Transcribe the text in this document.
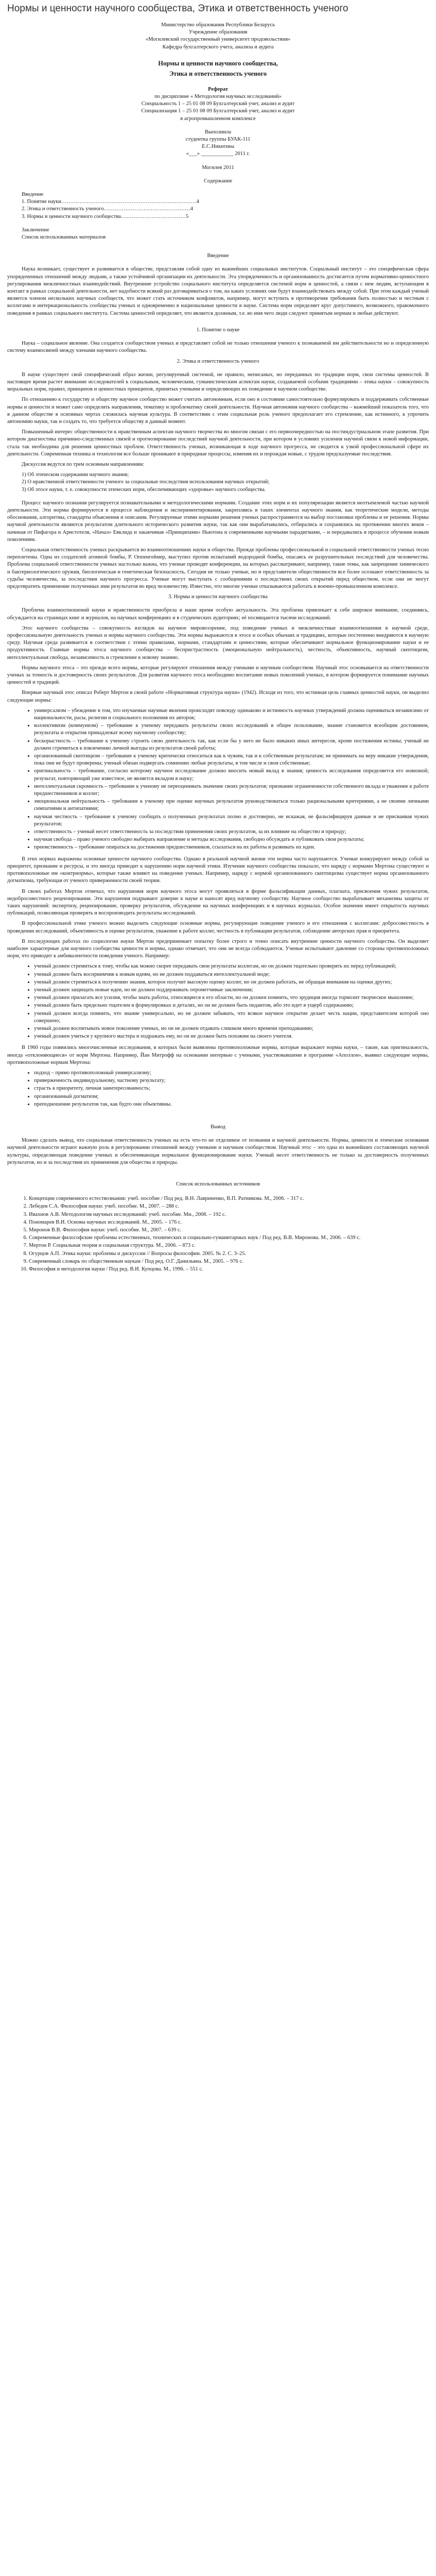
Нормы и ценности научного сообщества, Этика и ответственность ученого

Министерство образования Республики Беларусь

Учреждение образования

«Могилевский государственный университет продовольствия»

Кафедра бухгалтерского учета, анализа и аудита

Нормы и ценности научного сообщества,

Этика и ответственность ученого

Реферат

по дисциплине « Методология научных исследований»

Специальность 1 – 25 01 08 09 Бухгалтерский учет, анализ и аудит

Специализация 1 – 25 01 08 09 Бухгалтерский учет, анализ и аудит

в агропромышленном комплексе

Выполнила

студентка группы БУАК-111

Е.С.Никитина

«___» ____________ 2011 г.

Могилев 2011

Содержание

Введение

1. Понятие науки…………………………………………………………………4

2. Этика и ответственность ученого…………………………………………4

3. Нормы и ценности научного сообщества………………………………5

Заключение

Список использованных материалов

Введение

Наука возникает, существует и развивается в обществе, представляя собой одну из важнейших социальных институтов. Социальный институт – это специфическая сфера упорядоченных отношений между людьми, а также устойчивой организации их деятельности. Эта упорядоченность и организованность достигается путем нормативно-ценностного регулирования межличностных взаимодействий. Внутренние устройство социального института определяется системой норм и ценностей, а связи с нем людям, вступающим в контакт в рамках социальной деятельности, нет надобности всякий раз договариваться о том, на каких условиях они будут взаимодействовать между собой. При этом каждый ученый является членом нескольких научных сообществ, что может стать источником конфликтов, например, могут вступить в противоречия требования быть полностью и честным с коллегами и интернациональность сообщества ученых и одновременно в национальные ценности в науке. Система норм определяет круг допустимого, возможного, правомочного поведения в рамках социального института. Система ценностей определяет, что является должным, т.е. во имя чего люди следуют принятым нормам и любые действуют.

1. Понятие о науке

Наука – социальное явление. Она создается сообществом ученых и представляет собой не только отношения ученого к познаваемой им действительности но и определенную систему взаимосвязей между членами научного сообщества.

2. Этика и ответственность ученого

В науке существует свой специфический образ жизни, регулируемый системой, не правило, неписаных, но переданных по традиции норм, свои системы ценностей. В настоящее время растет внимание исследователей к социальным, человеческим, гуманистическим аспектам науки, создаваемой особыми традициями – этика науки – совокупность моральных норм, правил, принципов и ценностных принципов, принятых учеными и определяющих их поведение в научном сообществе.

По отношению к государству и обществу научное сообщество может считать автономным, если оно в состоянии самостоятельно формулировать и поддерживать собственные нормы и ценности и может само определять направления, тематику и проблематику своей деятельности. Научная автономия научного сообщества – важнейший показатель того, что в данном обществе в основных чертах сложилась научная культура. В соответствии с этим социальная роль ученого предполагает его стремление, как истинного, к упрочить автономию науки, так и создать то, что требуется обществу в данный момент.

Повышенный интерес общественности к нравственным аспектам научного творчества во многом связан с его первоочередностью на постиндустриальном этапе развития. При котором диагностика причинно-следственных связей и прогнозирование последствий научной деятельности, при котором в условиях усиления научной связи к новой информации, стала так необходима для решения ценностных проблем. Ответственность ученых, возникающая в ходе научного прогресса, не сводится к узкой профессиональной сфере их деятельности. Современная техника и технология все больше проникают в природные процессы, изменяя их и порождая новые, с трудом предсказуемые последствия.

Дискуссия ведутся по трем основным направлениям:

1) Об этическом содержании научного знания;

2) О нравственной ответственности ученого за социальные последствия использования научных открытий;

3) Об этосе науки, т. е. совокупности этических норм, обеспечивающих «здоровье» научного сообщества.

Процесс научного познания регулируется познавательными и методологическими нормами. Создание этих норм и их популяризации является неотъемлемой частью научной деятельности. Эти нормы формируются в процессе наблюдения и экспериментирования, закрепляясь в таких элементах научного знания, как теоретические модели, методы обоснования, алгоритмы, стандарты объяснения и описания. Регулируемые этими нормами решения ученых распространяются на выбор постановки проблемы и ее решения. Нормы научной деятельности являются результатом длительного исторического развития науки, так как они вырабатывались, отбирались и сохранялись на протяжении многих веков – начиная от Пифагора и Аристотеля, «Начал» Евклида и заканчивая «Принципами» Ньютона и современными научными парадигмами, – и передавались в процессе обучения новым поколениям.

Социальная ответственность ученых раскрывается во взаимоотношениях науки и общества. Прежде проблемы профессиональной и социальной ответственности ученых тесно переплетены. Одна из создателей атомной бомбы, Р. Оппенгеймер, выступил против испытаний водородной бомбы, опасаясь ее разрушительных последствий для человечества. Проблема социальной ответственности ученых настолько важна, что ученые проводят конференции, на которых рассматривают, например, такие темы, как запрещение химического и бактериологического оружия, биологическая и генетическая безопасность. Сегодня не только ученые, но и представители общественности все более осознают ответственность за судьбы человечества, за последствия научного прогресса. Ученые могут выступать с сообщениями о последствиях своих открытий перед обществом, если они не могут предотвратить применение полученных ими результатов во вред человечеству. Известно, что многие ученые отказываются работать в военно-промышленном комплексе.

3. Нормы и ценности научного сообщества

Проблема взаимоотношений науки и нравственности приобрела в наше время особую актуальность. Эта проблема привлекает к себе широкое внимание, соединяясь, обсуждается на страницах книг и журналов, на научных конференциях и в студенческих аудиториях; её посвящаются тысячи исследований.

Этос научного сообщества – совокупность взглядов на научное мировоззрение, под поведение ученых и межличностные взаимоотношения в научной среде, профессиональную деятельность ученых и нормы научного сообщества. Эти нормы выражаются в этосе и особых обычаях и традициях, которые постепенно внедряются в научную среду. Научная среда развивается в соответствии с этими правилами, нормами, стандартами и ценностями, которые обеспечивают нормальное функционирование науки и ее продуктивность. Главные нормы этоса научного сообщества – беспристрастность (эмоциональную нейтральность), честность, объективность, научный скептицизм, интеллектуальная свобода, независимость и стремление к новому знанию.

Нормы научного этоса – это прежде всего нормы, которые регулируют отношения между учеными и научным сообществом. Научный этос основывается на ответственности ученых за точность и достоверность своих результатов. Для развития научного этоса необходимо воспитание новых поколений ученых, в котором формируется понимание научных ценностей и традиций.

Впервые научный этос описал Роберт Мертон в своей работе «Нормативная структура науки» (1942). Исходя из того, что истинная цель главных ценностей науки, он выделил следующие нормы:

• универсализм – убеждение в том, что изучаемые научные явления происходят повсюду одинаково и истинность научных утверждений должна оцениваться независимо от национальности, расы, религии и социального положения их авторов;
• коллективизм (коммунизм) – требование к ученому передавать результаты своих исследований в общее пользование, знание становится всеобщим достоянием, результаты и открытия принадлежат всему научному сообществу;
• бескорыстность – требование к ученому строить свою деятельность так, как если бы у него не было никаких иных интересов, кроме постижения истины; ученый не должен стремиться к извлечению личной выгоды из результатов своей работы;
• организованный скептицизм – требование к ученому критически относиться как к чужим, так и к собственным результатам; не принимать на веру никакие утверждения, пока они не будут проверены; ученый обязан подвергать сомнению любые результаты, в том числе и свои собственные;
• оригинальность – требование, согласно которому научное исследование должно вносить новый вклад в знания; ценность исследования определяется его новизной; результат, повторяющий уже известное, не является вкладом в науку;
• интеллектуальная скромность – требование к ученому не переоценивать значение своих результатов; признание ограниченности собственного вклада и уважение к работе предшественников и коллег;
• эмоциональная нейтральность – требование к ученому при оценке научных результатов руководствоваться только рациональными критериями, а не своими личными симпатиями и антипатиями;
• научная честность – требование к ученому сообщать о полученных результатах полно и достоверно, не искажая, не фальсифицируя данные и не присваивая чужих результатов;
• ответственность – ученый несет ответственность за последствия применения своих результатов, за их влияние на общество и природу;
• научная свобода – право ученого свободно выбирать направление и методы исследования, свободно обсуждать и публиковать свои результаты;
• преемственность – требование опираться на достижения предшественников, ссылаться на их работы и развивать их идеи.

В этих нормах выражены основные ценности научного сообщества. Однако в реальной научной жизни эти нормы часто нарушаются. Ученые конкурируют между собой за приоритет, признание и ресурсы, и это иногда приводит к нарушению норм научной этики. Изучение научного сообщества показало, что наряду с нормами Мертона существуют и противоположные им «контрнормы», которые также влияют на поведение ученых. Например, наряду с нормой организованного скептицизма существует норма организованного догматизма, требующая от ученого приверженности своей теории.

В своих работах Мертон отмечал, что нарушения норм научного этоса могут проявляться в форме фальсификации данных, плагиата, присвоения чужих результатов, недобросовестного рецензирования. Эти нарушения подрывают доверие к науке и наносят вред научному сообществу. Научное сообщество вырабатывает механизмы защиты от таких нарушений: экспертизу, рецензирование, проверку результатов, обсуждение на научных конференциях и в научных журналах. Особое значение имеет открытость научных публикаций, позволяющая проверять и воспроизводить результаты исследований.

В профессиональной этике ученого можно выделить следующие основные нормы, регулирующие поведение ученого и его отношения с коллегами: добросовестность в проведении исследований, объективность в оценке результатов, уважение к работе коллег, честность в публикации результатов, соблюдение авторских прав и приоритета.

В последующих работах по социологии науки Мертон предпринимает попытку более строго и точно описать внутренние ценности научного сообщества. Он выделяет наиболее характерные для научного сообщества ценности и нормы, однако отмечает, что они не всегда соблюдаются. Ученые испытывают давление со стороны противоположных норм, что приводит к амбивалентности поведения ученого. Например:

• ученый должен стремиться к тому, чтобы как можно скорее передавать свои результаты коллегам, но он должен тщательно проверять их перед публикацией;
• ученый должен быть восприимчив к новым идеям, но не должен поддаваться интеллектуальной моде;
• ученый должен стремиться к получению знания, которое получит высокую оценку коллег, но он должен работать, не обращая внимания на оценки других;
• ученый должен защищать новые идеи, но не должен поддерживать опрометчивые заключения;
• ученый должен прилагать все усилия, чтобы знать работы, относящиеся к его области, но он должен помнить, что эрудиция иногда тормозит творческое мышление;
• ученый должен быть предельно тщателен в формулировках и деталях, но он не должен быть педантом, ибо это идет в ущерб содержанию;
• ученый должен всегда помнить, что знание универсально, но не должен забывать, что всякое научное открытие делает честь нации, представителем которой оно совершено;
• ученый должен воспитывать новое поколение ученых, но он не должен отдавать слишком много времени преподаванию;
• ученый должен учиться у крупного мастера и подражать ему, но он не должен быть похожим на своего учителя.

В 1960 годы появились многочисленные исследования, в которых были выявлены противоположные нормы, которые выражают нормы науки, – такие, как оригинальность, иногда «отклоняющиеся» от норм Мертона. Например, Йан Митрофф на основании интервью с учеными, участвовавшими в программе «Аполлон», выявил следующие нормы, противоположные нормам Мертона:

• подход – прямо противоположный универсализму;
• приверженность индивидуальному, частному результату;
• страсть к приоритету, личная заинтересованность;
• организованный догматизм;
• преподношение результатов так, как будто они объективны.

Вывод

Можно сделать вывод, что социальная ответственность ученых на есть что-то не отделимое от познания и научной деятельности. Нормы, ценности и этические основания научной деятельности играют важную роль в регулировании отношений между учеными и научным сообществом. Научный этос – это одна из важнейших составляющих научной культуры, определяющая поведение ученых и обеспечивающая нормальное функционирование науки. Ученый несет ответственность не только за достоверность полученных результатов, но и за последствия их применения для общества и природы.

Список использованных источников

1. Концепции современного естествознания: учеб. пособие / Под ред. В.Н. Лавриненко, В.П. Ратникова. М., 2006. – 317 с.
2. Лебедев С.А. Философия науки: учеб. пособие. М., 2007. – 288 с.
3. Ивахнов А.В. Методология научных исследований: учеб. пособие. Мн., 2008. – 192 с.
4. Пономарев В.И. Основы научных исследований. М., 2005. – 176 с.
5. Миронов В.В. Философия науки: учеб. пособие. М., 2007. – 639 с.
6. Современные философские проблемы естественных, технических и социально-гуманитарных наук / Под ред. В.В. Миронова. М., 2006. – 639 с.
7. Мертон Р. Социальная теория и социальная структура. М., 2006. – 873 с.
8. Огурцов А.П. Этика науки: проблемы и дискуссии // Вопросы философии. 2005. № 2. С. 3–25.
9. Современный словарь по общественным наукам / Под ред. О.Г. Данильяна. М., 2005. – 976 с.
10. Философия и методология науки / Под ред. В.И. Купцова. М., 1996. – 551 с.
